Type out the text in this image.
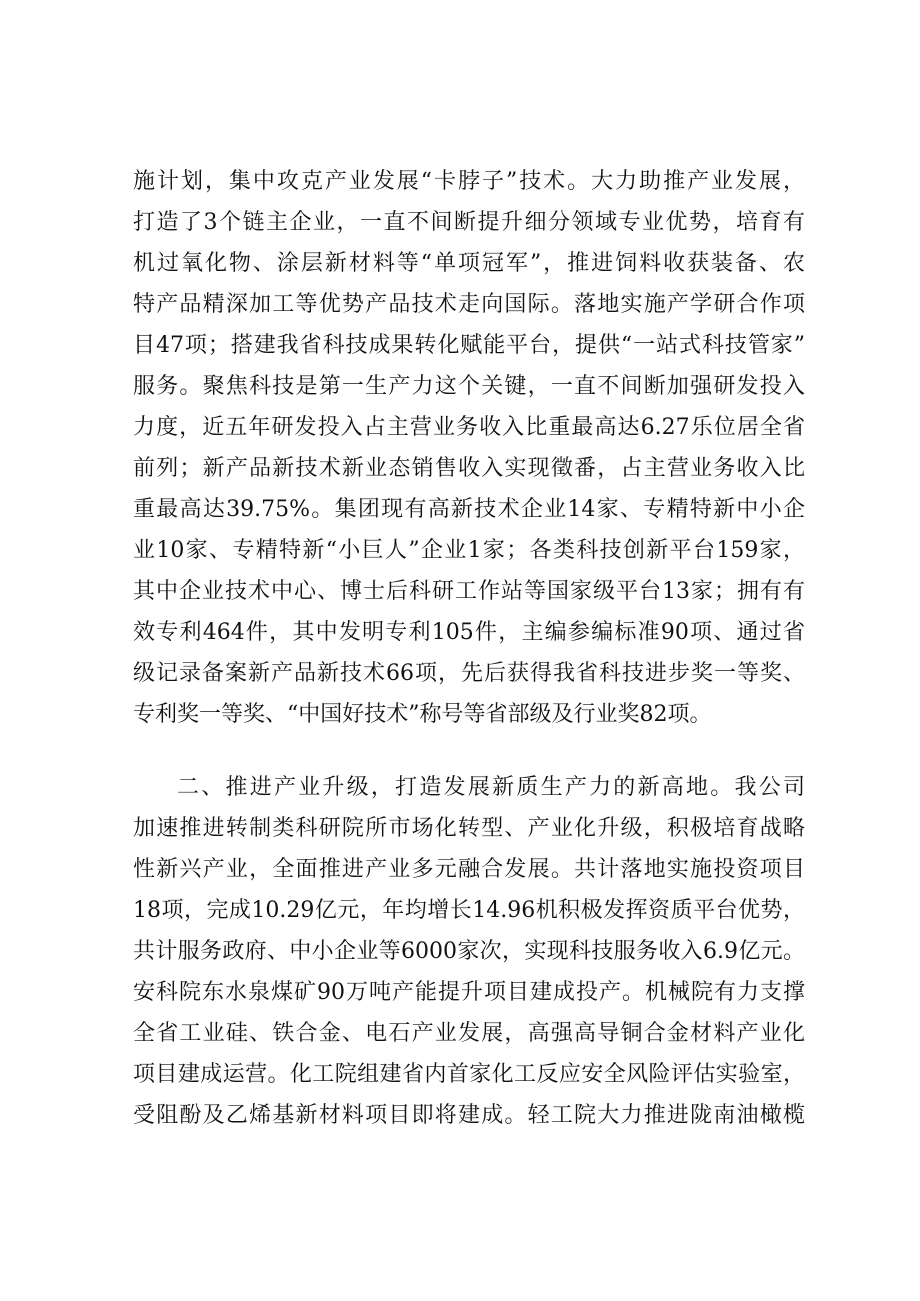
施计划，集中攻克产业发展“卡脖子”技术。大力助推产业发展，
打造了3个链主企业，一直不间断提升细分领域专业优势，培育有
机过氧化物、涂层新材料等“单项冠军”，推进饲料收获装备、农
特产品精深加工等优势产品技术走向国际。落地实施产学研合作项
目47项；搭建我省科技成果转化赋能平台，提供“一站式科技管家”
服务。聚焦科技是第一生产力这个关键，一直不间断加强研发投入
力度，近五年研发投入占主营业务收入比重最高达6.27乐位居全省
前列；新产品新技术新业态销售收入实现徵番，占主营业务收入比
重最高达39.75%。集团现有高新技术企业14家、专精特新中小企
业10家、专精特新“小巨人”企业1家；各类科技创新平台159家，
其中企业技术中心、博士后科研工作站等国家级平台13家；拥有有
效专利464件，其中发明专利105件，主编参编标准90项、通过省
级记录备案新产品新技术66项，先后获得我省科技进步奖一等奖、
专利奖一等奖、“中国好技术”称号等省部级及行业奖82项。
二、推进产业升级，打造发展新质生产力的新高地。我公司
加速推进转制类科研院所市场化转型、产业化升级，积极培育战略
性新兴产业，全面推进产业多元融合发展。共计落地实施投资项目
18项，完成10.29亿元，年均增长14.96机积极发挥资质平台优势，
共计服务政府、中小企业等6000家次，实现科技服务收入6.9亿元。
安科院东水泉煤矿90万吨产能提升项目建成投产。机械院有力支撑
全省工业硅、铁合金、电石产业发展，高强高导铜合金材料产业化
项目建成运营。化工院组建省内首家化工反应安全风险评估实验室，
受阻酚及乙烯基新材料项目即将建成。轻工院大力推进陇南油橄榄
